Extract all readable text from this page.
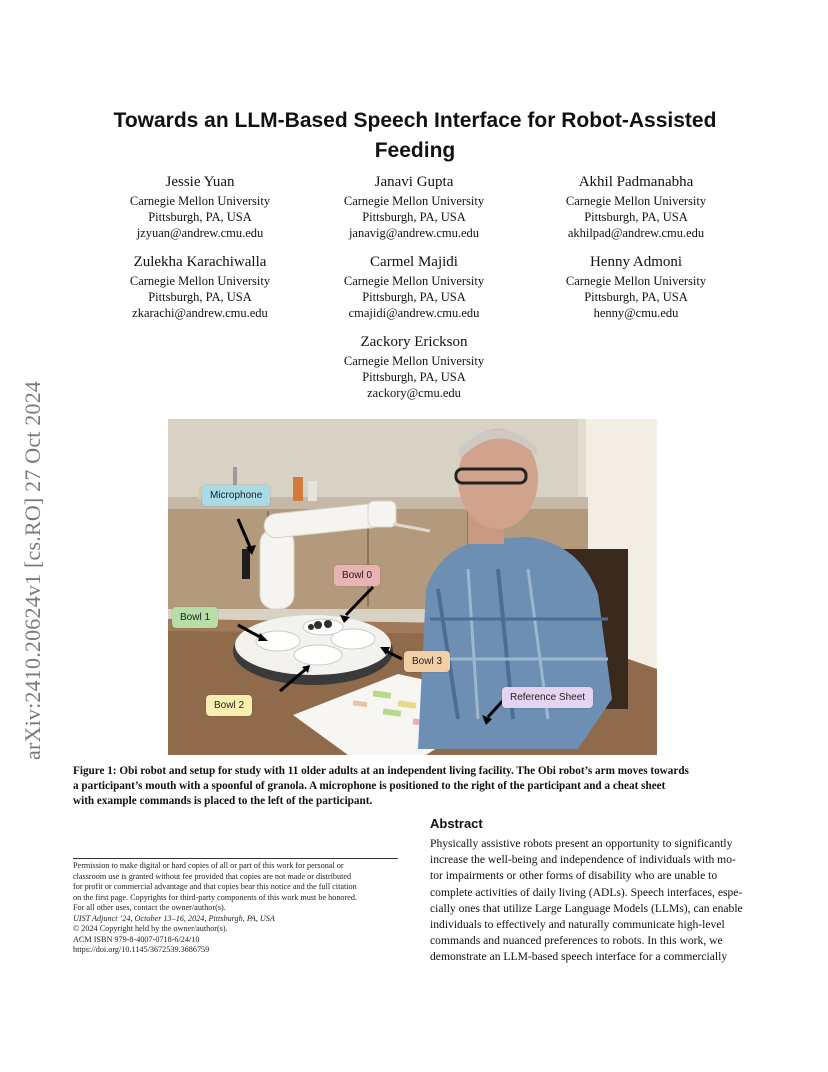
arXiv:2410.20624v1 [cs.RO] 27 Oct 2024
Towards an LLM-Based Speech Interface for Robot-Assisted
Feeding
Jessie Yuan
Carnegie Mellon University
Pittsburgh, PA, USA
jzyuan@andrew.cmu.edu
Janavi Gupta
Carnegie Mellon University
Pittsburgh, PA, USA
janavig@andrew.cmu.edu
Akhil Padmanabha
Carnegie Mellon University
Pittsburgh, PA, USA
akhilpad@andrew.cmu.edu
Zulekha Karachiwalla
Carnegie Mellon University
Pittsburgh, PA, USA
zkarachi@andrew.cmu.edu
Carmel Majidi
Carnegie Mellon University
Pittsburgh, PA, USA
cmajidi@andrew.cmu.edu
Henny Admoni
Carnegie Mellon University
Pittsburgh, PA, USA
henny@cmu.edu
Zackory Erickson
Carnegie Mellon University
Pittsburgh, PA, USA
zackory@cmu.edu
Microphone
Bowl 0
Bowl 1
Bowl 2
Bowl 3
Reference Sheet
Figure 1: Obi robot and setup for study with 11 older adults at an independent living facility. The Obi robot’s arm moves towards
a participant’s mouth with a spoonful of granola. A microphone is positioned to the right of the participant and a cheat sheet
with example commands is placed to the left of the participant.
Permission to make digital or hard copies of all or part of this work for personal or
classroom use is granted without fee provided that copies are not made or distributed
for profit or commercial advantage and that copies bear this notice and the full citation
on the first page. Copyrights for third-party components of this work must be honored.
For all other uses, contact the owner/author(s).
UIST Adjunct ’24, October 13–16, 2024, Pittsburgh, PA, USA
© 2024 Copyright held by the owner/author(s).
ACM ISBN 979-8-4007-0718-6/24/10
https://doi.org/10.1145/3672539.3686759
Abstract
Physically assistive robots present an opportunity to significantly
increase the well-being and independence of individuals with mo-
tor impairments or other forms of disability who are unable to
complete activities of daily living (ADLs). Speech interfaces, espe-
cially ones that utilize Large Language Models (LLMs), can enable
individuals to effectively and naturally communicate high-level
commands and nuanced preferences to robots. In this work, we
demonstrate an LLM-based speech interface for a commercially
